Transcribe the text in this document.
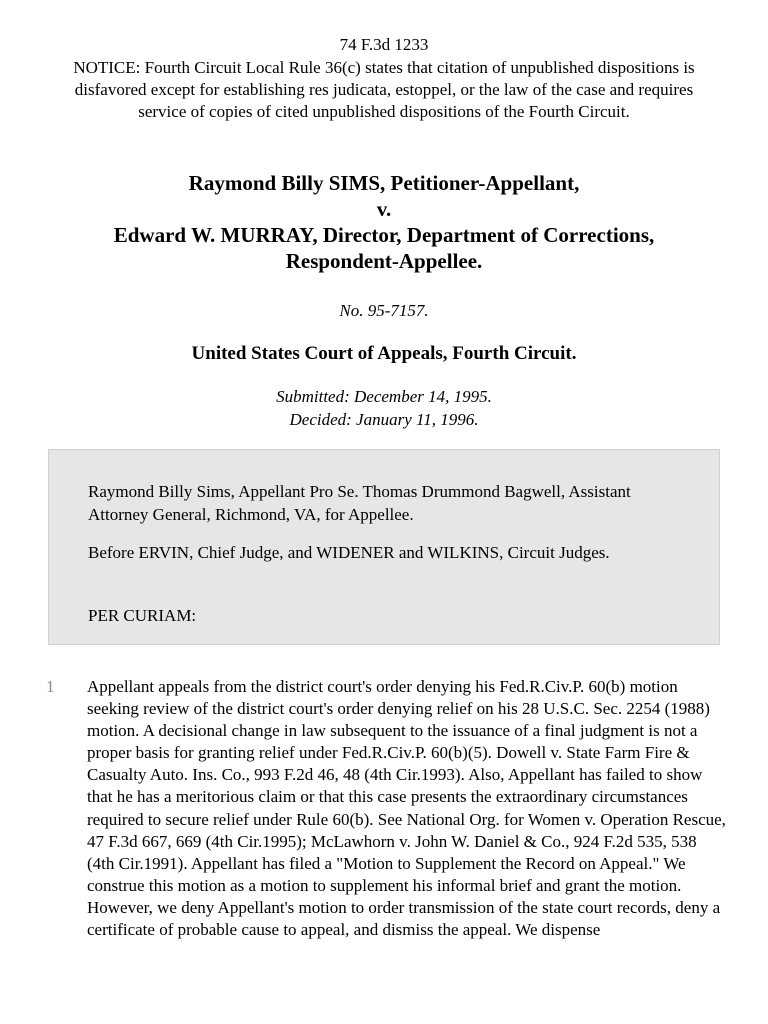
74 F.3d 1233
NOTICE: Fourth Circuit Local Rule 36(c) states that citation of unpublished dispositions is disfavored except for establishing res judicata, estoppel, or the law of the case and requires service of copies of cited unpublished dispositions of the Fourth Circuit.
Raymond Billy SIMS, Petitioner-Appellant,
v.
Edward W. MURRAY, Director, Department of Corrections,
Respondent-Appellee.
No. 95-7157.
United States Court of Appeals, Fourth Circuit.
Submitted: December 14, 1995.
Decided: January 11, 1996.

Raymond Billy Sims, Appellant Pro Se. Thomas Drummond Bagwell, Assistant Attorney General, Richmond, VA, for Appellee.

Before ERVIN, Chief Judge, and WIDENER and WILKINS, Circuit Judges.

PER CURIAM:

1 Appellant appeals from the district court's order denying his Fed.R.Civ.P. 60(b) motion seeking review of the district court's order denying relief on his 28 U.S.C. Sec. 2254 (1988) motion. A decisional change in law subsequent to the issuance of a final judgment is not a proper basis for granting relief under Fed.R.Civ.P. 60(b)(5). Dowell v. State Farm Fire & Casualty Auto. Ins. Co., 993 F.2d 46, 48 (4th Cir.1993). Also, Appellant has failed to show that he has a meritorious claim or that this case presents the extraordinary circumstances required to secure relief under Rule 60(b). See National Org. for Women v. Operation Rescue, 47 F.3d 667, 669 (4th Cir.1995); McLawhorn v. John W. Daniel & Co., 924 F.2d 535, 538 (4th Cir.1991). Appellant has filed a "Motion to Supplement the Record on Appeal." We construe this motion as a motion to supplement his informal brief and grant the motion. However, we deny Appellant's motion to order transmission of the state court records, deny a certificate of probable cause to appeal, and dismiss the appeal. We dispense
